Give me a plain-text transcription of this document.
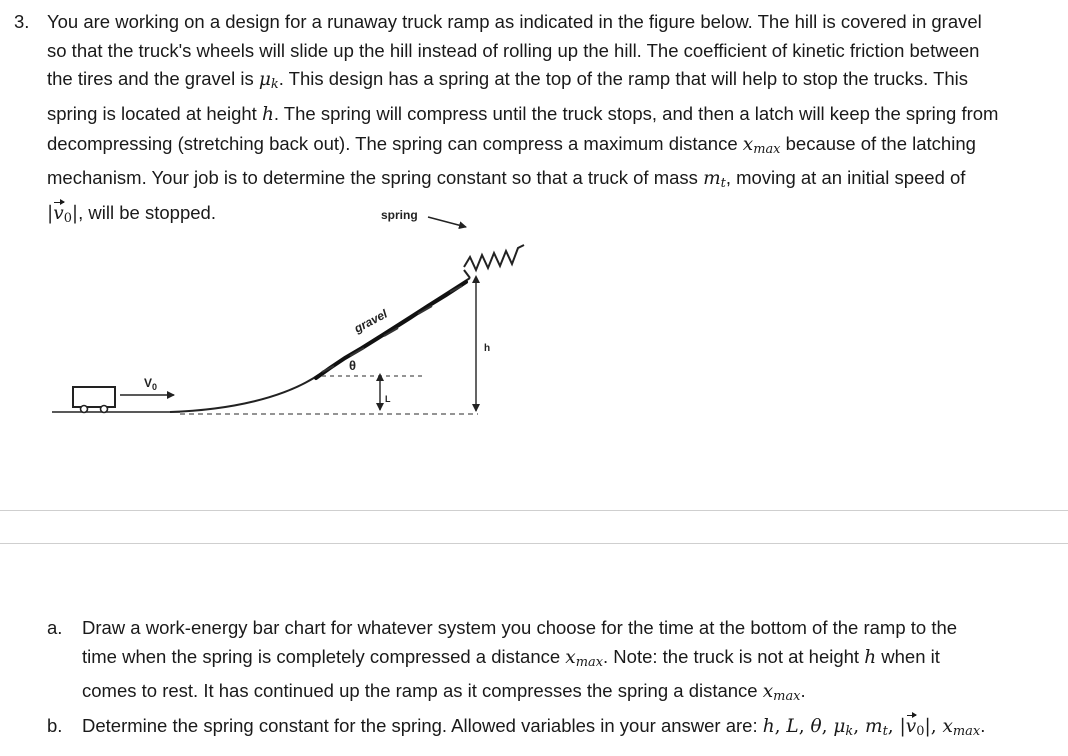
3. You are working on a design for a runaway truck ramp as indicated in the figure below. The hill is covered in gravel
so that the truck's wheels will slide up the hill instead of rolling up the hill. The coefficient of kinetic friction between
the tires and the gravel is $\mu_k$. This design has a spring at the top of the ramp that will help to stop the trucks. This
spring is located at height h. The spring will compress until the truck stops, and then a latch will keep the spring from
decompressing (stretching back out). The spring can compress a maximum distance $x_{max}$ because of the latching
mechanism. Your job is to determine the spring constant so that a truck of mass $m_t$, moving at an initial speed of
$|v_0|$, will be stopped.
$V_0$
gravel
spring
θ
L
h
a. Draw a work-energy bar chart for whatever system you choose for the time at the bottom of the ramp to the
time when the spring is completely compressed a distance $x_{max}$. Note: the truck is not at height h when it
comes to rest. It has continued up the ramp as it compresses the spring a distance $x_{max}$.
b. Determine the spring constant for the spring. Allowed variables in your answer are: h, L, θ, $\mu_k$, $m_t$, $|v_0|$, $x_{max}$.
